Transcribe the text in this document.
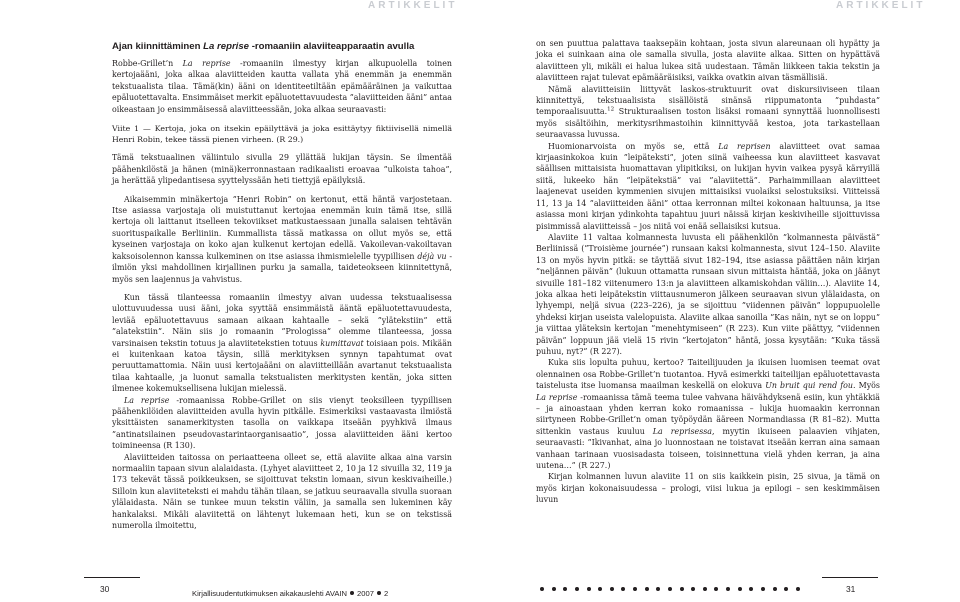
ARTIKKELIT	ARTIKKELIT

Ajan kiinnittäminen La reprise -romaaniin alaviiteapparaatin avulla

Robbe-Grillet’n La reprise -romaaniin ilmestyy kirjan alkupuolella toinen kertojaääni, joka alkaa alaviitteiden kautta vallata yhä enemmän ja enemmän tekstuaalista tilaa. Tämä(kin) ääni on identiteetiltään epämääräinen ja vaikuttaa epäluotettavalta. Ensimmäiset merkit epäluotettavuudesta ”alaviitteiden ääni” antaa oikeastaan jo ensimmäisessä alaviitteessään, joka alkaa seuraavasti:

Viite 1 — Kertoja, joka on itsekin epäilyttävä ja joka esittäytyy fiktiivisellä nimellä Henri Robin, tekee tässä pienen virheen. (R 29.)

Tämä tekstuaalinen väliintulo sivulla 29 yllättää lukijan täysin. Se ilmentää päähenkilöstä ja hänen (minä)kerronnastaan radikaalisti eroavaa ”ulkoista tahoa”, ja herättää ylipedantisesa syyttelyssään heti tiettyjä epäilyksiä.

Aikaisemmin minäkertoja ”Henri Robin” on kertonut, että häntä varjostetaan. Itse asiassa varjostaja oli muistuttanut kertojaa enemmän kuin tämä itse, sillä kertoja oli laittanut itselleen tekoviikset matkustaessaan junalla salaisen tehtävän suorituspaikalle Berliiniin. Kummallista tässä matkassa on ollut myös se, että kyseinen varjostaja on koko ajan kulkenut kertojan edellä. Vakoilevan-vakoiltavan kaksoisolennon kanssa kulkeminen on itse asiassa ihmismielelle tyypillisen déjà vu -ilmiön yksi mahdollinen kirjallinen purku ja samalla, taideteokseen kiinnitettynä, myös sen laajennus ja vahvistus.

Kun tässä tilanteessa romaaniin ilmestyy aivan uudessa tekstuaalisessa ulottuvuudessa uusi ääni, joka syyttää ensimmäistä ääntä epäluotettavuudesta, leviää epäluotettavuus samaan aikaan kahtaalle – sekä ”ylätekstiin” että ”alatekstiin”. Näin siis jo romaanin ”Prologissa” olemme tilanteessa, jossa varsinaisen tekstin totuus ja alaviitetekstien totuus kumittavat toisiaan pois. Mikään ei kuitenkaan katoa täysin, sillä merkityksen synnyn tapahtumat ovat peruuttamattomia. Näin uusi kertojaääni on alaviitteillään avartanut tekstuaalista tilaa kahtaalle, ja luonut samalla tekstualisten merkitysten kentän, joka sitten ilmenee kokemuksellisena lukijan mielessä.

La reprise -romaanissa Robbe-Grillet on siis vienyt teoksilleen tyypillisen päähenkilöiden alaviitteiden avulla hyvin pitkälle. Esimerkiksi vastaavasta ilmiöstä yksittäisten sanamerkitysten tasolla on vaikkapa itseään pyyhkivä ilmaus ”antinatsilainen pseudovastarintaorganisaatio”, jossa alaviitteiden ääni kertoo toimineensa (R 130).

Alaviitteiden taitossa on periaatteena olleet se, että alaviite alkaa aina varsin normaaliin tapaan sivun alalaidasta. (Lyhyet alaviitteet 2, 10 ja 12 sivuilla 32, 119 ja 173 tekevät tässä poikkeuksen, se sijoittuvat tekstin lomaan, sivun keskivaiheille.) Silloin kun alaviiteteksti ei mahdu tähän tilaan, se jatkuu seuraavalla sivulla suoraan ylälaidasta. Näin se tunkee muun tekstin väliin, ja samalla sen lukeminen käy hankalaksi. Mikäli alaviitettä on lähtenyt lukemaan heti, kun se on tekstissä numerolla ilmoitettu,

on sen puuttua palattava taaksepäin kohtaan, josta sivun alareunaan oli hypätty ja joka ei suinkaan aina ole samalla sivulla, josta alaviite alkaa. Sitten on hypättävä alaviitteen yli, mikäli ei halua lukea sitä uudestaan. Tämän liikkeen takia tekstin ja alaviitteen rajat tulevat epämääräisiksi, vaikka ovatkin aivan täsmällisiä.

Nämä alaviitteisiin liittyvät laskos-struktuurit ovat diskursiiviseen tilaan kiinnitettyä, tekstuaalisista sisällöistä sinänsä riippumatonta ”puhdasta” temporaalisuutta.$^{12}$ Strukturaalisen toston lisäksi romaani synnyttää luonnollisesti myös sisältöihin, merkitysrihmastoihin kiinnittyvää kestoa, jota tarkastellaan seuraavassa luvussa.

Huomionarvoista on myös se, että La reprisen alaviitteet ovat samaa kirjaasinkokoa kuin ”leipäteksti”, joten siinä vaiheessa kun alaviitteet kasvavat säällisen mittaisista huomattavan ylipitkiksi, on lukijan hyvin vaikea pysyä kärryillä siitä, lukeeko hän ”leipätekstiä” vai ”alaviitettä”. Parhaimmillaan alaviitteet laajenevat useiden kymmenien sivujen mittaisiksi vuolaiksi selostuksiksi. Viitteissä 11, 13 ja 14 ”alaviitteiden ääni” ottaa kerronnan miltei kokonaan haltuunsa, ja itse asiassa moni kirjan ydinkohta tapahtuu juuri näissä kirjan keskiviheille sijoittuvissa pisimmissä alaviitteissä – jos niitä voi enää sellaisiksi kutsua.

Alaviite 11 valtaa kolmannesta luvusta eli päähenkilön ”kolmannesta päivästä” Berliinissä (”Troisième journée”) runsaan kaksi kolmannesta, sivut 124–150. Alaviite 13 on myös hyvin pitkä: se täyttää sivut 182–194, itse asiassa päättäen näin kirjan ”neljännen päivän” (lukuun ottamatta runsaan sivun mittaista häntää, joka on jäänyt sivuille 181–182 viitenumero 13:n ja alaviitteen alkamiskohdan väliin…). Alaviite 14, joka alkaa heti leipätekstin viittausnumeron jälkeen seuraavan sivun ylälaidasta, on lyhyempi, neljä sivua (223–226), ja se sijoittuu ”viidennen päivän” loppupuolelle yhdeksi kirjan useista valelopuista. Alaviite alkaa sanoilla ”Kas näin, nyt se on loppu” ja viittaa yläteksin kertojan ”menehtymiseen” (R 223). Kun viite päättyy, ”viidennen päivän” loppuun jää vielä 15 rivin ”kertojaton” häntä, jossa kysytään: ”Kuka tässä puhuu, nyt?” (R 227).

Kuka siis lopulta puhuu, kertoo? Taiteilijuuden ja ikuisen luomisen teemat ovat olennainen osa Robbe-Grillet’n tuotantoa. Hyvä esimerkki taiteilijan epäluotettavasta taistelusta itse luomansa maailman keskellä on elokuva Un bruit qui rend fou. Myös La reprise -romaanissa tämä teema tulee vahvana häivähdyksenä esiin, kun yhtäkkiä – ja ainoastaan yhden kerran koko romaanissa – lukija huomaakin kerronnan siirtyneen Robbe-Grillet’n oman työpöydän ääreen Normandiassa (R 81–82). Mutta sittenkin vastaus kuuluu La reprisessa, myytin ikuiseen palaavien vihjaten, seuraavasti: ”Ikivanhat, aina jo luonnostaan ne toistavat itseään kerran aina samaan vanhaan tarinaan vuosisadasta toiseen, toisinnettuna vielä yhden kerran, ja aina uutena…” (R 227.)

Kirjan kolmannen luvun alaviite 11 on siis kaikkein pisin, 25 sivua, ja tämä on myös kirjan kokonaisuudessa – prologi, viisi lukua ja epilogi – sen keskimmäisen luvun

30	31
Kirjallisuudentutkimuksen aikakauslehti AVAIN 2007 2
